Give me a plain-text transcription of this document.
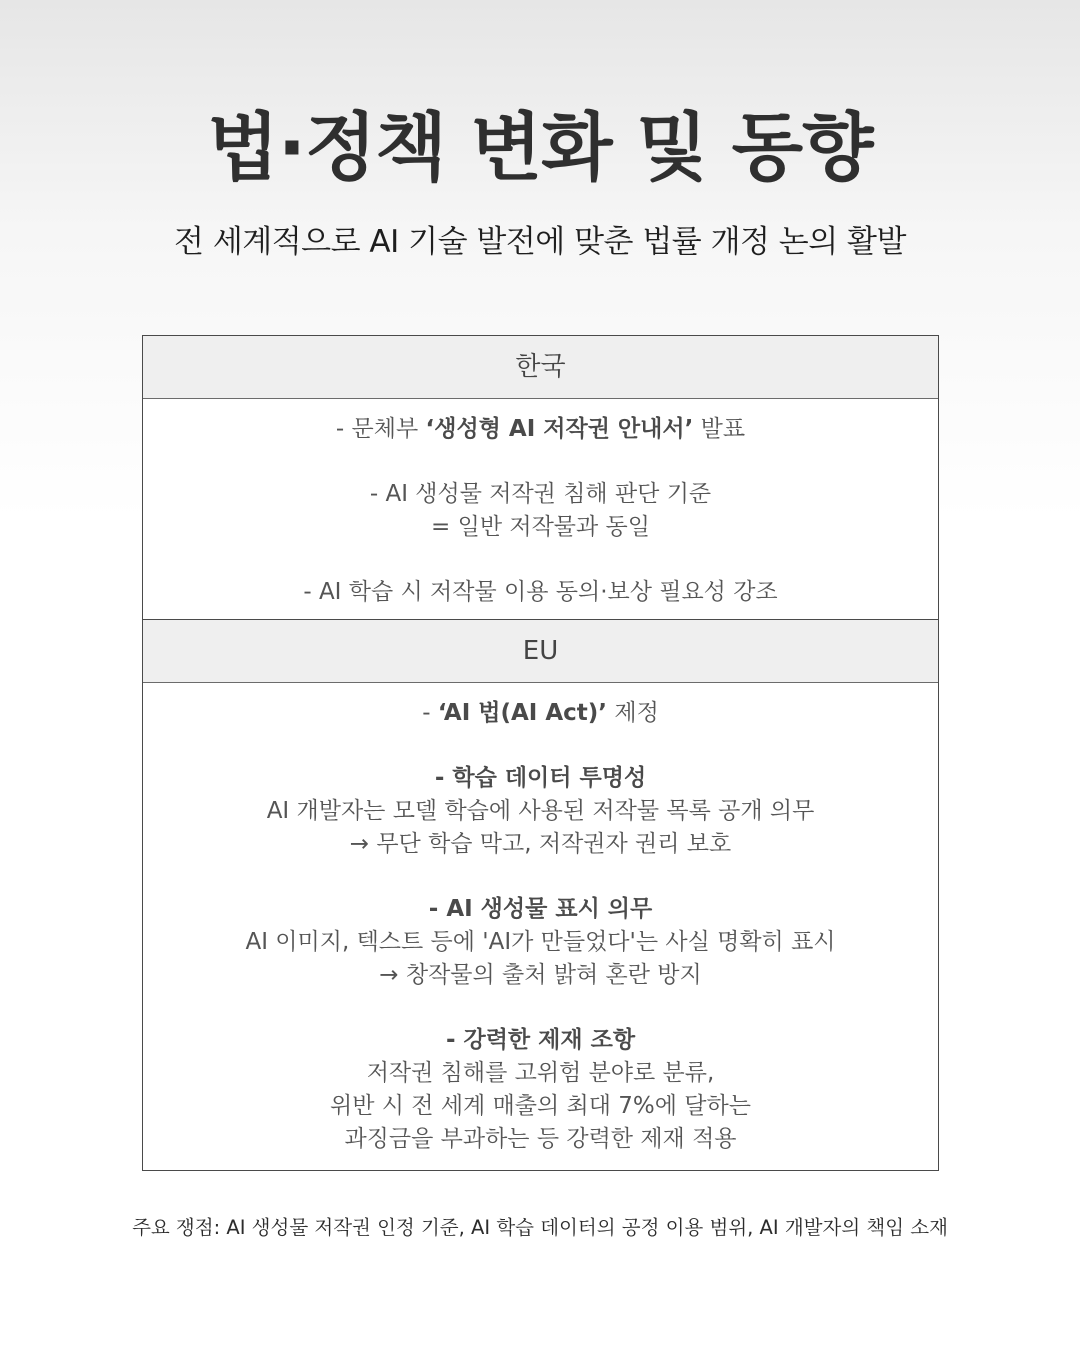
법·정책 변화 및 동향
전 세계적으로 AI 기술 발전에 맞춘 법률 개정 논의 활발
한국
- 문체부 ‘생성형 AI 저작권 안내서’ 발표
- AI 생성물 저작권 침해 판단 기준
= 일반 저작물과 동일
- AI 학습 시 저작물 이용 동의·보상 필요성 강조
EU
- ‘AI 법(AI Act)’ 제정
- 학습 데이터 투명성
AI 개발자는 모델 학습에 사용된 저작물 목록 공개 의무
→ 무단 학습 막고, 저작권자 권리 보호
- AI 생성물 표시 의무
AI 이미지, 텍스트 등에 'AI가 만들었다'는 사실 명확히 표시
→ 창작물의 출처 밝혀 혼란 방지
- 강력한 제재 조항
저작권 침해를 고위험 분야로 분류,
위반 시 전 세계 매출의 최대 7%에 달하는
과징금을 부과하는 등 강력한 제재 적용
주요 쟁점: AI 생성물 저작권 인정 기준, AI 학습 데이터의 공정 이용 범위, AI 개발자의 책임 소재
